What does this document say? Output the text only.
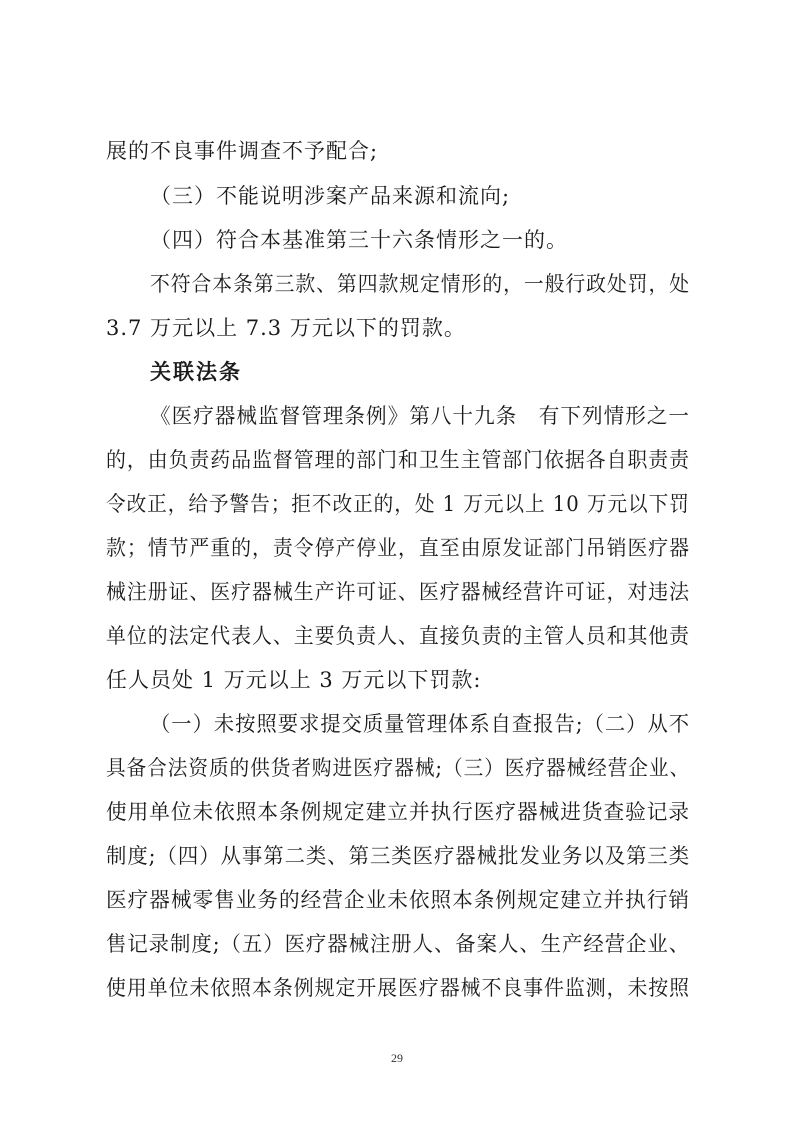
展的不良事件调查不予配合;
（三）不能说明涉案产品来源和流向;
（四）符合本基准第三十六条情形之一的。
不符合本条第三款、第四款规定情形的，一般行政处罚，处
3.7 万元以上 7.3 万元以下的罚款。
关联法条
《医疗器械监督管理条例》第八十九条　有下列情形之一
的，由负责药品监督管理的部门和卫生主管部门依据各自职责责
令改正，给予警告；拒不改正的，处 1 万元以上 10 万元以下罚
款；情节严重的，责令停产停业，直至由原发证部门吊销医疗器
械注册证、医疗器械生产许可证、医疗器械经营许可证，对违法
单位的法定代表人、主要负责人、直接负责的主管人员和其他责
任人员处 1 万元以上 3 万元以下罚款:
（一）未按照要求提交质量管理体系自查报告;（二）从不
具备合法资质的供货者购进医疗器械;（三）医疗器械经营企业、
使用单位未依照本条例规定建立并执行医疗器械进货查验记录
制度;（四）从事第二类、第三类医疗器械批发业务以及第三类
医疗器械零售业务的经营企业未依照本条例规定建立并执行销
售记录制度;（五）医疗器械注册人、备案人、生产经营企业、
使用单位未依照本条例规定开展医疗器械不良事件监测，未按照
29
